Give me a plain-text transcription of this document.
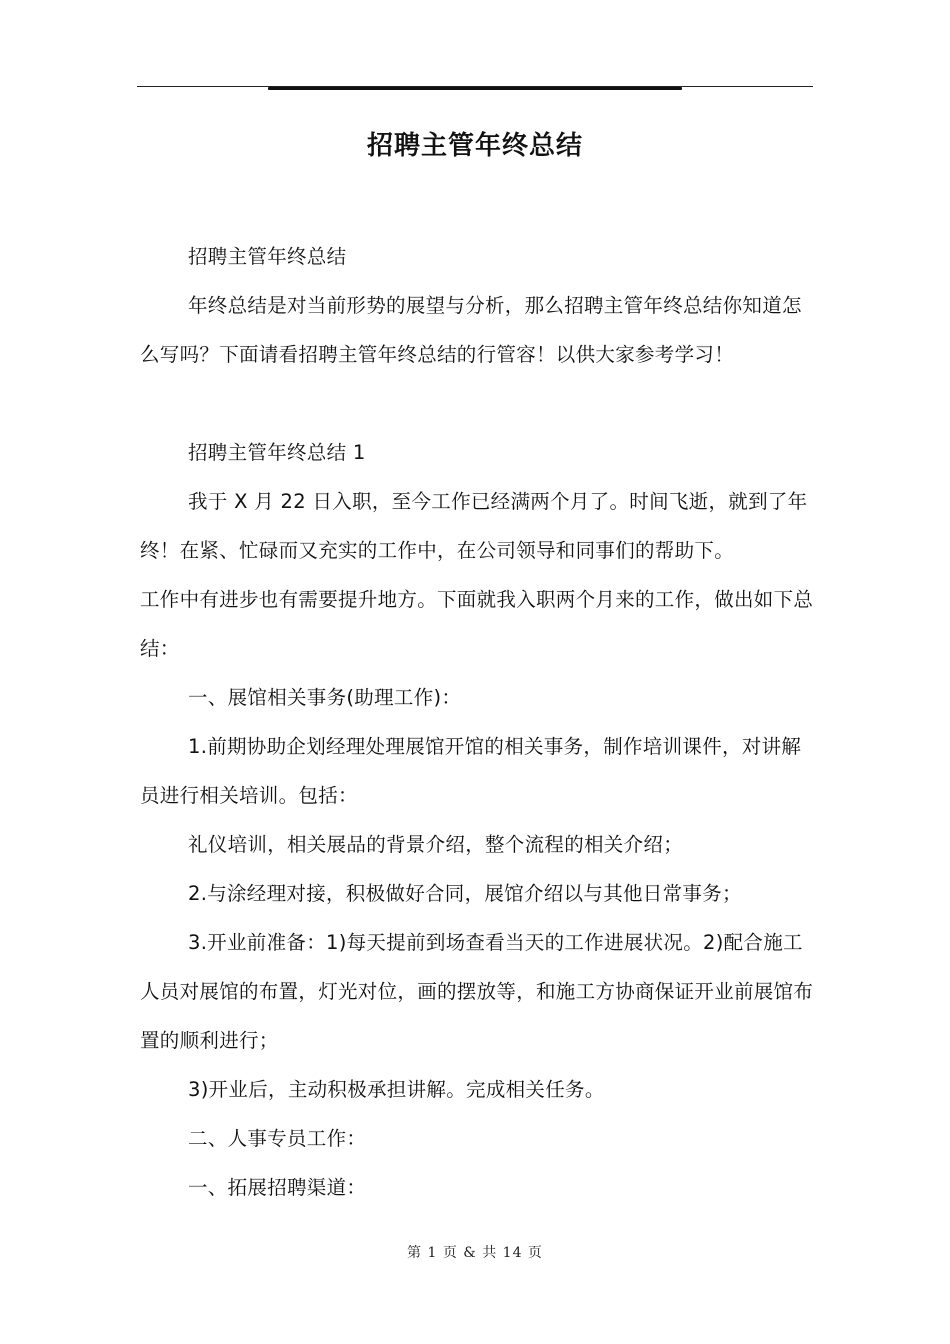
招聘主管年终总结

招聘主管年终总结

年终总结是对当前形势的展望与分析，那么招聘主管年终总结你知道怎么写吗？下面请看招聘主管年终总结的行管容！以供大家参考学习！

招聘主管年终总结 1

我于 X 月 22 日入职，至今工作已经满两个月了。时间飞逝，就到了年终！在紧、忙碌而又充实的工作中，在公司领导和同事们的帮助下。

工作中有进步也有需要提升地方。下面就我入职两个月来的工作，做出如下总结：

一、展馆相关事务(助理工作)：

1.前期协助企划经理处理展馆开馆的相关事务，制作培训课件，对讲解员进行相关培训。包括：

礼仪培训，相关展品的背景介绍，整个流程的相关介绍；

2.与涂经理对接，积极做好合同，展馆介绍以与其他日常事务；

3.开业前准备：1)每天提前到场查看当天的工作进展状况。2)配合施工人员对展馆的布置，灯光对位，画的摆放等，和施工方协商保证开业前展馆布置的顺利进行；

3)开业后，主动积极承担讲解。完成相关任务。

二、人事专员工作：

一、拓展招聘渠道：

第 1 页 & 共 14 页
